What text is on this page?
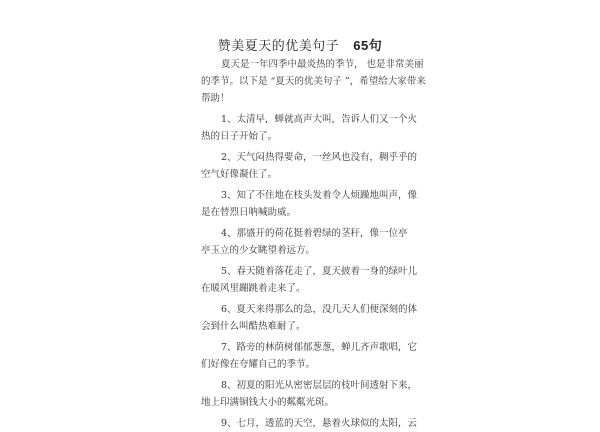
赞美夏天的优美句子 65句
夏天是一年四季中最炎热的季节， 也是非常美丽
的季节。以下是 “夏天的优美句子 ”，希望给大家带来
帮助！
1、太清早，蝉就高声大叫，告诉人们又一个火
热的日子开始了。
2、天气闷热得要命，一丝风也没有，稠乎乎的
空气好像凝住了。
3、知了不住地在枝头发着令人烦躁地叫声，像
是在替烈日呐喊助威。
4、那盛开的荷花挺着碧绿的茎秆，像一位亭
亭玉立的少女眺望着远方。
5、春天随着落花走了，夏天披着一身的绿叶儿
在暖风里蹦跳着走来了。
6、夏天来得那么的急，没几天人们便深刻的体
会到什么叫酷热难耐了。
7、路旁的林荫树郁郁葱葱，蝉儿齐声歌唱，它
们好像在夸耀自己的季节。
8、初夏的阳光从密密层层的枝叶间透射下来，
地上印满铜钱大小的粼粼光斑。
9、七月，透蓝的天空，悬着火球似的太阳，云
